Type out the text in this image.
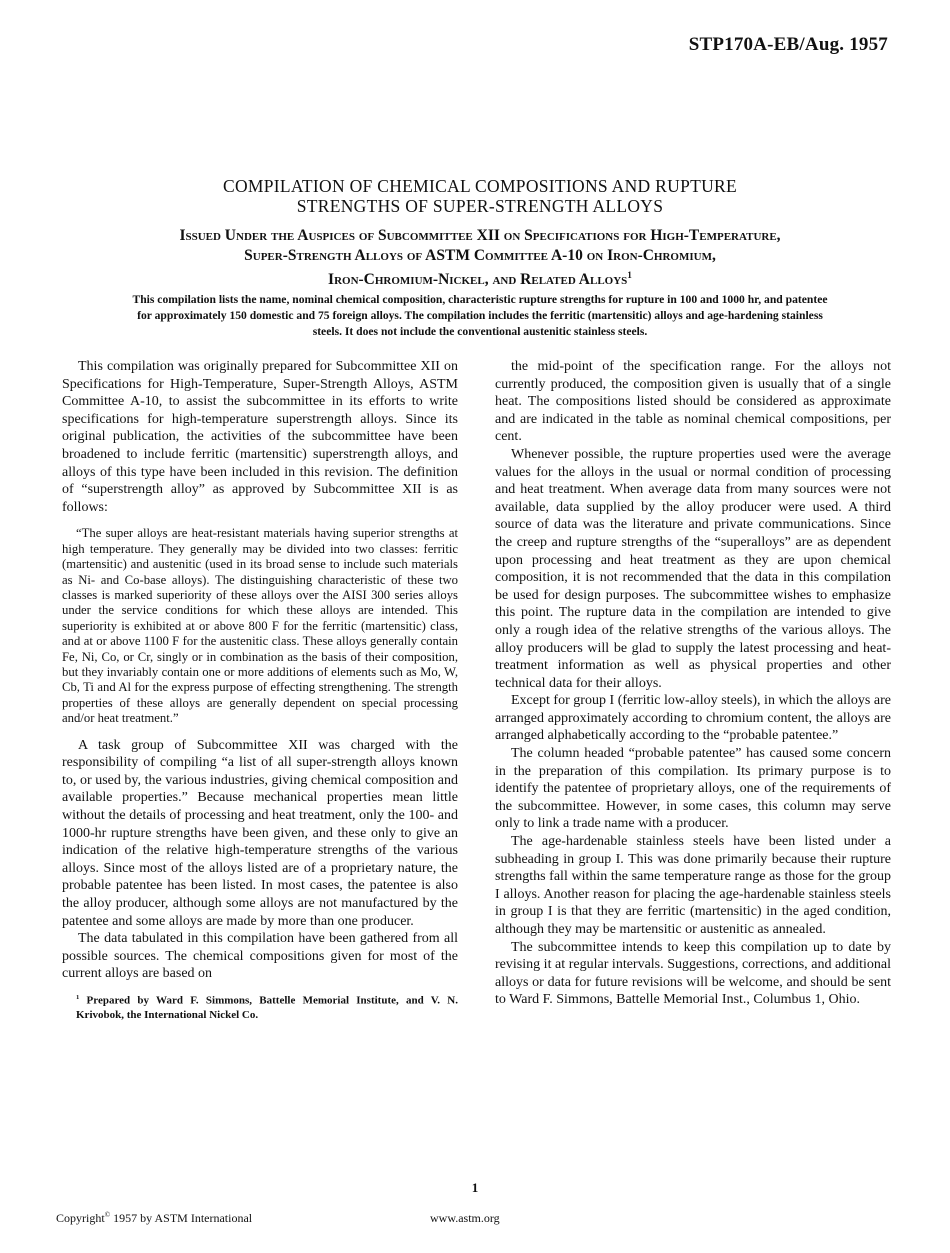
STP170A-EB/Aug. 1957
COMPILATION OF CHEMICAL COMPOSITIONS AND RUPTURE
STRENGTHS OF SUPER-STRENGTH ALLOYS
Issued Under the Auspices of Subcommittee XII on Specifications for High-Temperature,
Super-Strength Alloys of ASTM Committee A-10 on Iron-Chromium,
Iron-Chromium-Nickel, and Related Alloys$^1$
This compilation lists the name, nominal chemical composition, characteristic rupture strengths for rupture in 100 and 1000 hr, and patentee for approximately 150 domestic and 75 foreign alloys. The compilation includes the ferritic (martensitic) alloys and age-hardening stainless steels. It does not include the conventional austenitic stainless steels.

This compilation was originally prepared for Subcommittee XII on Specifications for High-Temperature, Super-Strength Alloys, ASTM Committee A-10, to assist the subcommittee in its efforts to write specifications for high-temperature superstrength alloys. Since its original publication, the activities of the subcommittee have been broadened to include ferritic (martensitic) superstrength alloys, and alloys of this type have been included in this revision. The definition of “superstrength alloy” as approved by Subcommittee XII is as follows:

“The super alloys are heat-resistant materials having superior strengths at high temperature. They generally may be divided into two classes: ferritic (martensitic) and austenitic (used in its broad sense to include such materials as Ni- and Co-base alloys). The distinguishing characteristic of these two classes is marked superiority of these alloys over the AISI 300 series alloys under the service conditions for which these alloys are intended. This superiority is exhibited at or above 800 F for the ferritic (martensitic) class, and at or above 1100 F for the austenitic class. These alloys generally contain Fe, Ni, Co, or Cr, singly or in combination as the basis of their composition, but they invariably contain one or more additions of elements such as Mo, W, Cb, Ti and Al for the express purpose of effecting strengthening. The strength properties of these alloys are generally dependent on special processing and/or heat treatment.”

A task group of Subcommittee XII was charged with the responsibility of compiling “a list of all super-strength alloys known to, or used by, the various industries, giving chemical composition and available properties.” Because mechanical properties mean little without the details of processing and heat treatment, only the 100- and 1000-hr rupture strengths have been given, and these only to give an indication of the relative high-temperature strengths of the various alloys. Since most of the alloys listed are of a proprietary nature, the probable patentee has been listed. In most cases, the patentee is also the alloy producer, although some alloys are not manufactured by the patentee and some alloys are made by more than one producer.

The data tabulated in this compilation have been gathered from all possible sources. The chemical compositions given for most of the current alloys are based on

$^1$ Prepared by Ward F. Simmons, Battelle Memorial Institute, and V. N. Krivobok, the International Nickel Co.

the mid-point of the specification range. For the alloys not currently produced, the composition given is usually that of a single heat. The compositions listed should be considered as approximate and are indicated in the table as nominal chemical compositions, per cent.

Whenever possible, the rupture properties used were the average values for the alloys in the usual or normal condition of processing and heat treatment. When average data from many sources were not available, data supplied by the alloy producer were used. A third source of data was the literature and private communications. Since the creep and rupture strengths of the “superalloys” are as dependent upon processing and heat treatment as they are upon chemical composition, it is not recommended that the data in this compilation be used for design purposes. The subcommittee wishes to emphasize this point. The rupture data in the compilation are intended to give only a rough idea of the relative strengths of the various alloys. The alloy producers will be glad to supply the latest processing and heat-treatment information as well as physical properties and other technical data for their alloys.

Except for group I (ferritic low-alloy steels), in which the alloys are arranged approximately according to chromium content, the alloys are arranged alphabetically according to the “probable patentee.”

The column headed “probable patentee” has caused some concern in the preparation of this compilation. Its primary purpose is to identify the patentee of proprietary alloys, one of the requirements of the subcommittee. However, in some cases, this column may serve only to link a trade name with a producer.

The age-hardenable stainless steels have been listed under a subheading in group I. This was done primarily because their rupture strengths fall within the same temperature range as those for the group I alloys. Another reason for placing the age-hardenable stainless steels in group I is that they are ferritic (martensitic) in the aged condition, although they may be martensitic or austenitic as annealed.

The subcommittee intends to keep this compilation up to date by revising it at regular intervals. Suggestions, corrections, and additional alloys or data for future revisions will be welcome, and should be sent to Ward F. Simmons, Battelle Memorial Inst., Columbus 1, Ohio.

1
Copyright© 1957 by ASTM International	www.astm.org
